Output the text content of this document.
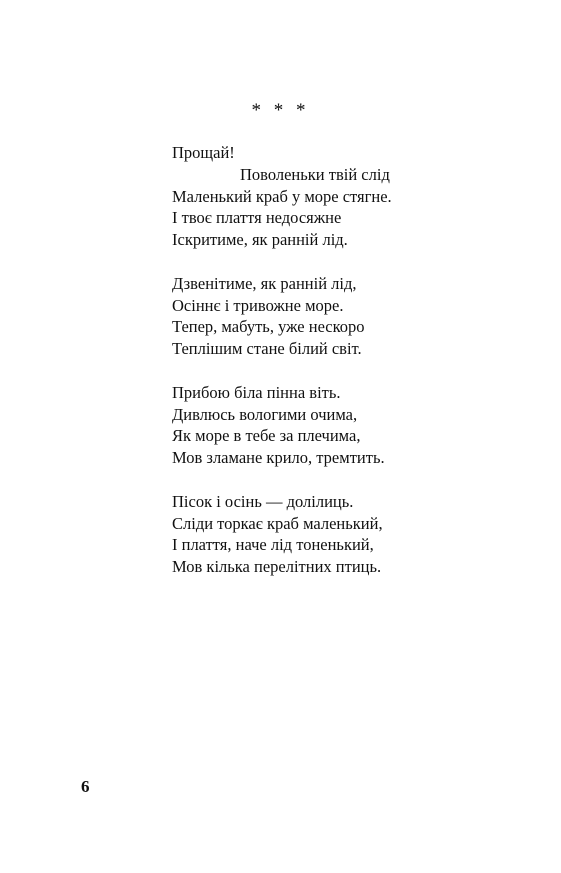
* * *
Прощай!
Поволеньки твій слід
Маленький краб у море стягне.
І твоє плаття недосяжне
Іскритиме, як ранній лід.
Дзвенітиме, як ранній лід,
Осіннє і тривожне море.
Тепер, мабуть, уже нескоро
Теплішим стане білий світ.
Прибою біла пінна віть.
Дивлюсь вологими очима,
Як море в тебе за плечима,
Мов зламане крило, тремтить.
Пісок і осінь — долілиць.
Сліди торкає краб маленький,
І плаття, наче лід тоненький,
Мов кілька перелітних птиць.
6
